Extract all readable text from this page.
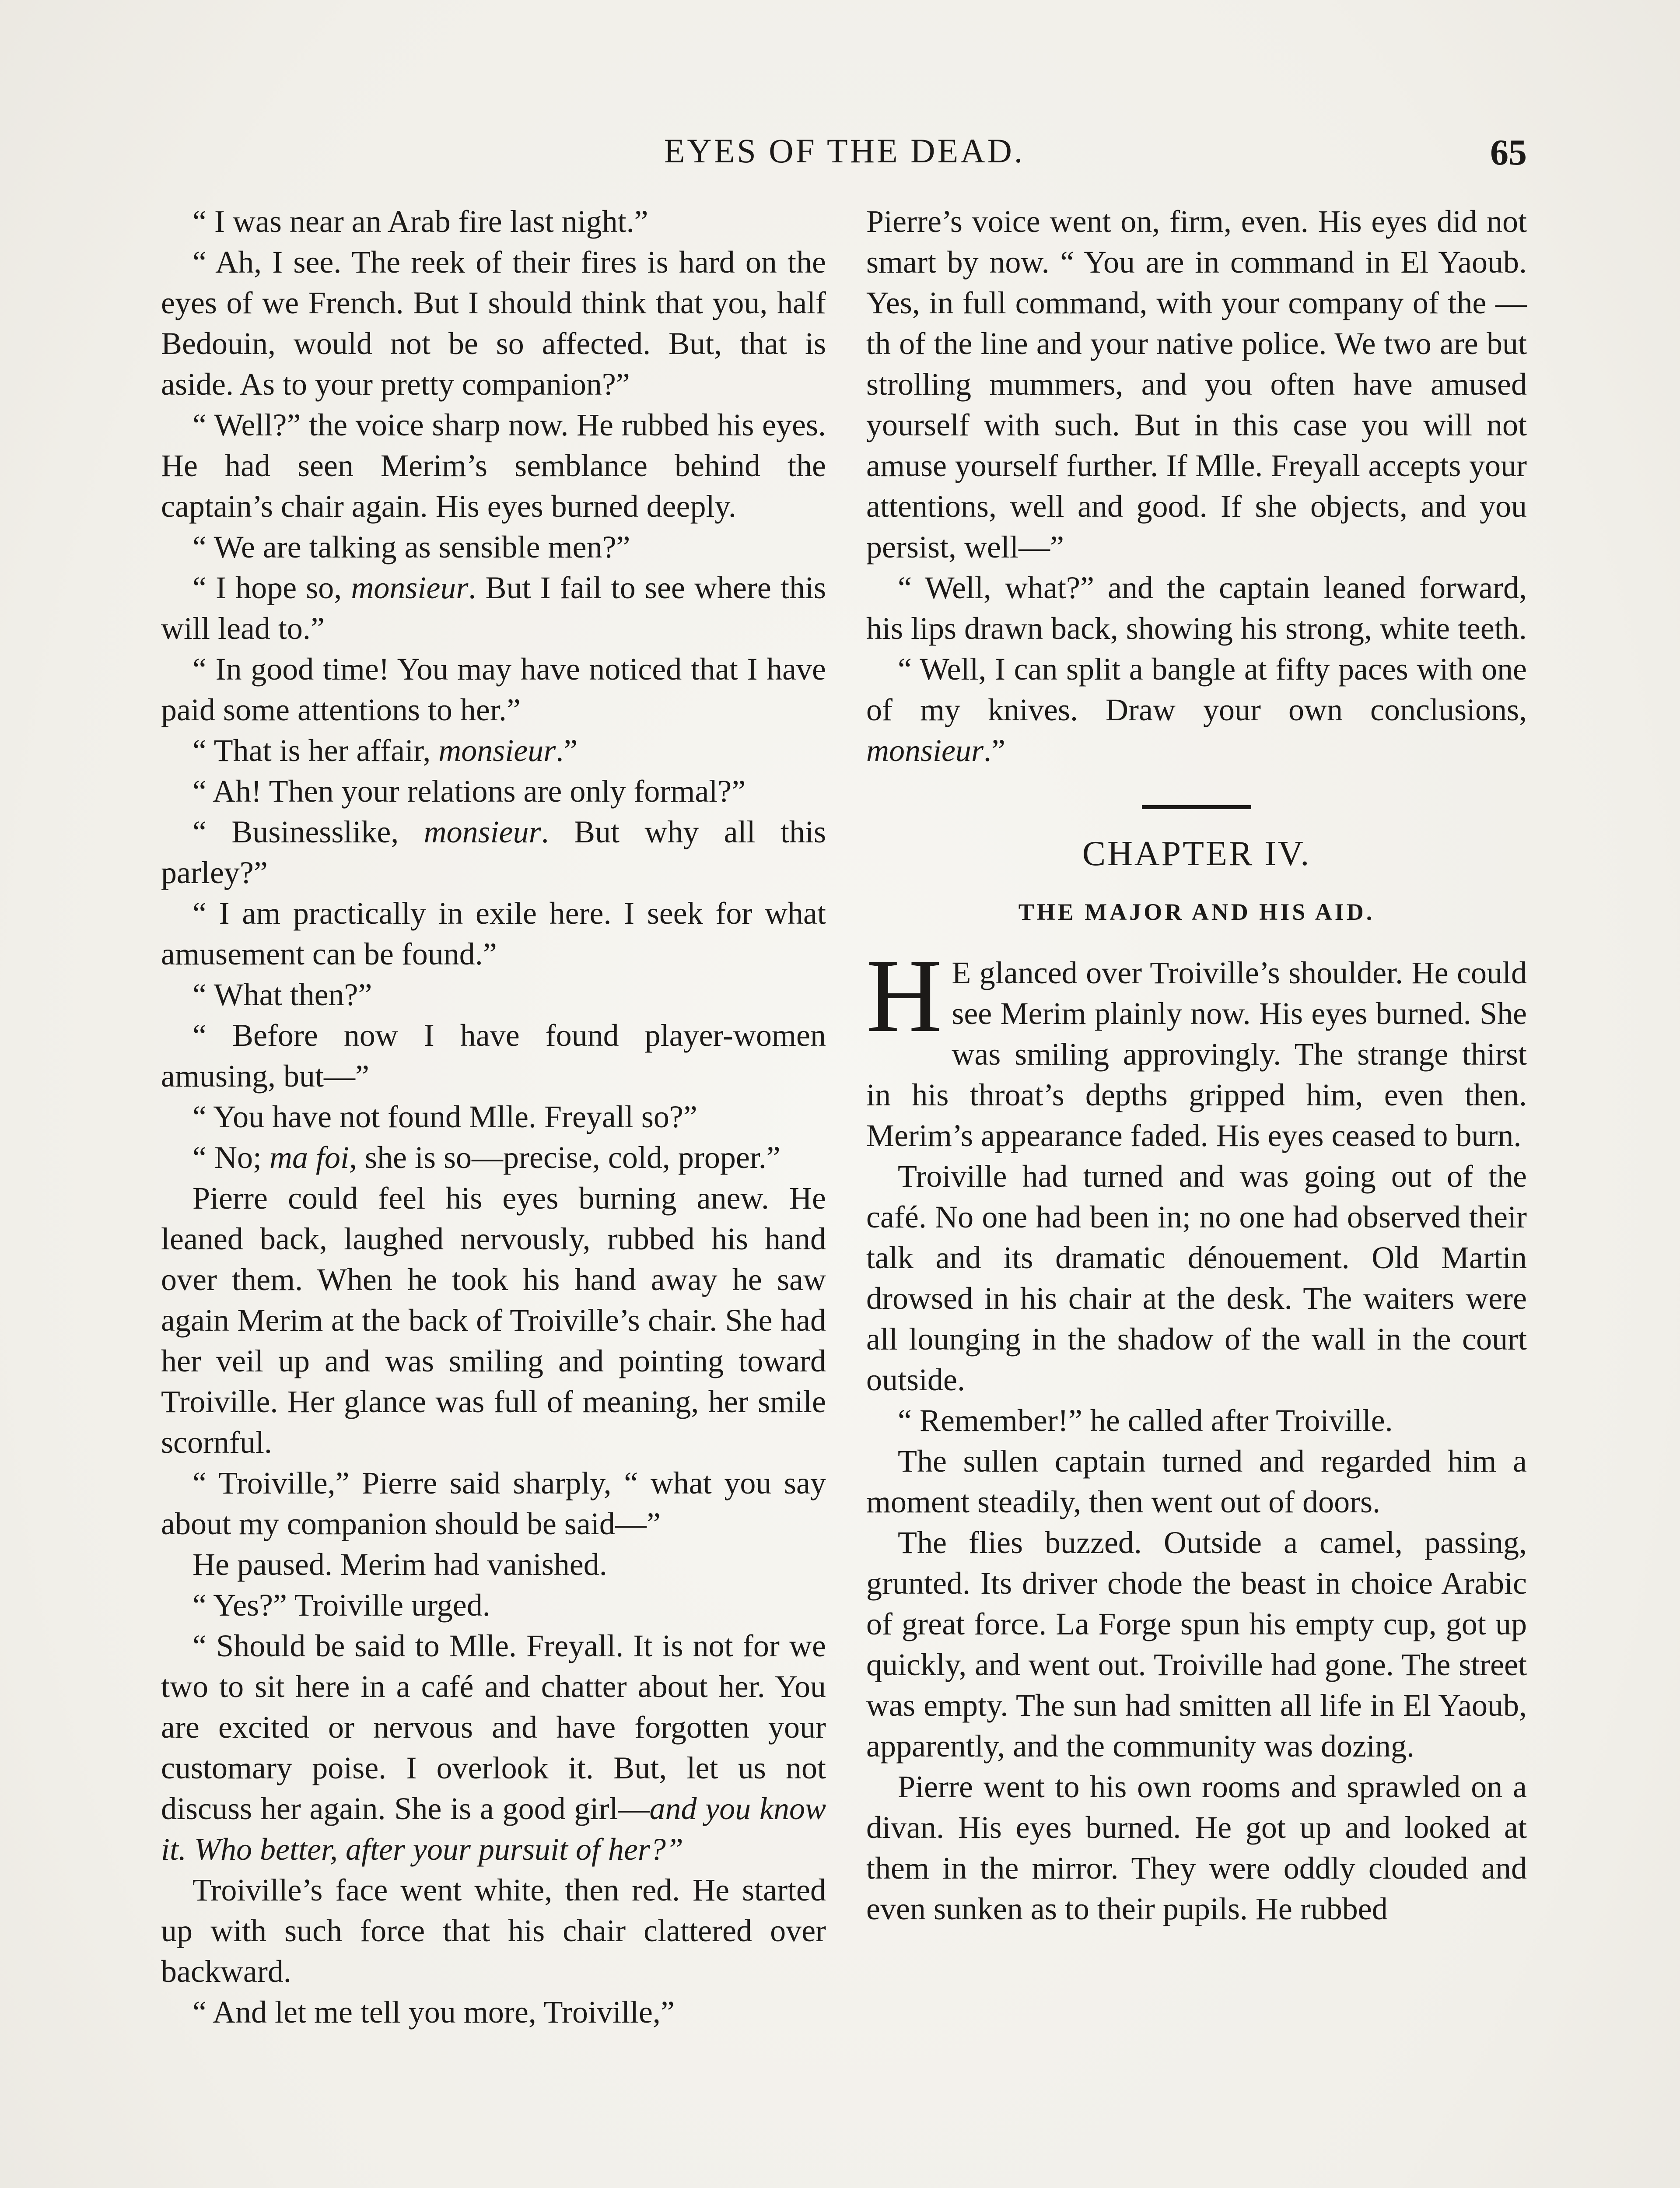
EYES OF THE DEAD.	65

“ I was near an Arab fire last night.”

“ Ah, I see. The reek of their fires is hard on the eyes of we French. But I should think that you, half Bedouin, would not be so affected. But, that is aside. As to your pretty companion?”

“ Well?” the voice sharp now. He rubbed his eyes. He had seen Merim’s semblance behind the captain’s chair again. His eyes burned deeply.

“ We are talking as sensible men?”

“ I hope so, monsieur. But I fail to see where this will lead to.”

“ In good time! You may have noticed that I have paid some attentions to her.”

“ That is her affair, monsieur.”

“ Ah! Then your relations are only formal?”

“ Businesslike, monsieur. But why all this parley?”

“ I am practically in exile here. I seek for what amusement can be found.”

“ What then?”

“ Before now I have found player-women amusing, but—”

“ You have not found Mlle. Freyall so?”

“ No; ma foi, she is so—precise, cold, proper.”

Pierre could feel his eyes burning anew. He leaned back, laughed nervously, rubbed his hand over them. When he took his hand away he saw again Merim at the back of Troiville’s chair. She had her veil up and was smiling and pointing toward Troiville. Her glance was full of meaning, her smile scornful.

“ Troiville,” Pierre said sharply, “ what you say about my companion should be said—”

He paused. Merim had vanished.

“ Yes?” Troiville urged.

“ Should be said to Mlle. Freyall. It is not for we two to sit here in a café and chatter about her. You are excited or nervous and have forgotten your customary poise. I overlook it. But, let us not discuss her again. She is a good girl—and you know it. Who better, after your pursuit of her?”

Troiville’s face went white, then red. He started up with such force that his chair clattered over backward.

“ And let me tell you more, Troiville,”

Pierre’s voice went on, firm, even. His eyes did not smart by now. “ You are in command in El Yaoub. Yes, in full command, with your company of the —th of the line and your native police. We two are but strolling mummers, and you often have amused yourself with such. But in this case you will not amuse yourself further. If Mlle. Freyall accepts your attentions, well and good. If she objects, and you persist, well—”

“ Well, what?” and the captain leaned forward, his lips drawn back, showing his strong, white teeth.

“ Well, I can split a bangle at fifty paces with one of my knives. Draw your own conclusions, monsieur.”

CHAPTER IV.
THE MAJOR AND HIS AID.

H E glanced over Troiville’s shoulder. He could see Merim plainly now. His eyes burned. She was smiling approvingly. The strange thirst in his throat’s depths gripped him, even then. Merim’s appearance faded. His eyes ceased to burn.

Troiville had turned and was going out of the café. No one had been in; no one had observed their talk and its dramatic dénouement. Old Martin drowsed in his chair at the desk. The waiters were all lounging in the shadow of the wall in the court outside.

“ Remember!” he called after Troiville.

The sullen captain turned and regarded him a moment steadily, then went out of doors.

The flies buzzed. Outside a camel, passing, grunted. Its driver chode the beast in choice Arabic of great force. La Forge spun his empty cup, got up quickly, and went out. Troiville had gone. The street was empty. The sun had smitten all life in El Yaoub, apparently, and the community was dozing.

Pierre went to his own rooms and sprawled on a divan. His eyes burned. He got up and looked at them in the mirror. They were oddly clouded and even sunken as to their pupils. He rubbed
